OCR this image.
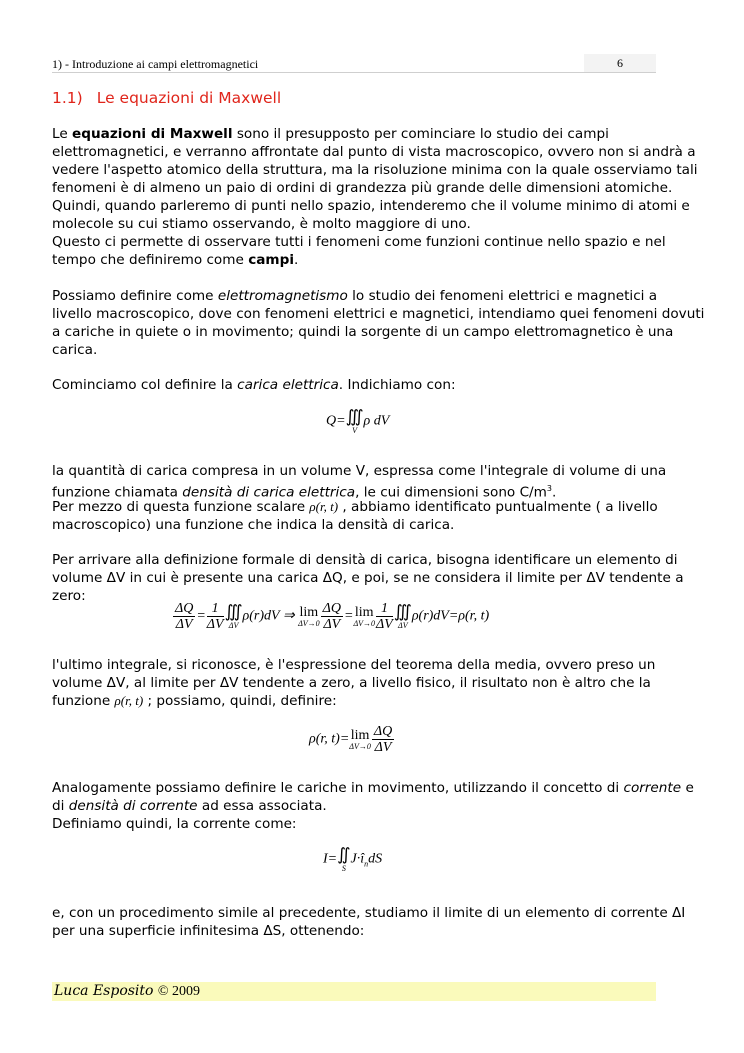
1) - Introduzione ai campi elettromagnetici	6
1.1) Le equazioni di Maxwell
Le equazioni di Maxwell sono il presupposto per cominciare lo studio dei campi
elettromagnetici, e verranno affrontate dal punto di vista macroscopico, ovvero non si andrà a
vedere l'aspetto atomico della struttura, ma la risoluzione minima con la quale osserviamo tali
fenomeni è di almeno un paio di ordini di grandezza più grande delle dimensioni atomiche.
Quindi, quando parleremo di punti nello spazio, intenderemo che il volume minimo di atomi e
molecole su cui stiamo osservando, è molto maggiore di uno.
Questo ci permette di osservare tutti i fenomeni come funzioni continue nello spazio e nel
tempo che definiremo come campi.
Possiamo definire come elettromagnetismo lo studio dei fenomeni elettrici e magnetici a
livello macroscopico, dove con fenomeni elettrici e magnetici, intendiamo quei fenomeni dovuti
a cariche in quiete o in movimento; quindi la sorgente di un campo elettromagnetico è una
carica.
Cominciamo col definire la carica elettrica. Indichiamo con:
Q= ∭
V
ρ dV
la quantità di carica compresa in un volume V, espressa come l'integrale di volume di una
funzione chiamata densità di carica elettrica, le cui dimensioni sono $C/m^3$.
Per mezzo di questa funzione scalare ρ(r, t) , abbiamo identificato puntualmente ( a livello
macroscopico) una funzione che indica la densità di carica.
Per arrivare alla definizione formale di densità di carica, bisogna identificare un elemento di
volume ΔV in cui è presente una carica ΔQ, e poi, se ne considera il limite per ΔV tendente a
zero:
$\frac{\Delta Q}{\Delta V} = \frac{1}{\Delta V}$ ∭
ΔV
ρ(r)dV ⇒ lim
$\Delta V\to 0 \frac{\Delta Q}{\Delta V} = \lim$
$\Delta V\to 0 \frac{1}{\Delta V}$ ∭
ΔV
ρ(r)dV=ρ(r, t)
l'ultimo integrale, si riconosce, è l'espressione del teorema della media, ovvero preso un
volume ΔV, al limite per ΔV tendente a zero, a livello fisico, il risultato non è altro che la
funzione ρ(r, t) ; possiamo, quindi, definire:
ρ(r, t)= lim
$\Delta V\to 0 \frac{\Delta Q}{\Delta V}$
Analogamente possiamo definire le cariche in movimento, utilizzando il concetto di corrente e
di densità di corrente ad essa associata.
Definiamo quindi, la corrente come:
I= ∬
S
$J\cdot î_ndS$
e, con un procedimento simile al precedente, studiamo il limite di un elemento di corrente ΔI
per una superficie infinitesima ΔS, ottenendo:
Luca Esposito © 2009
